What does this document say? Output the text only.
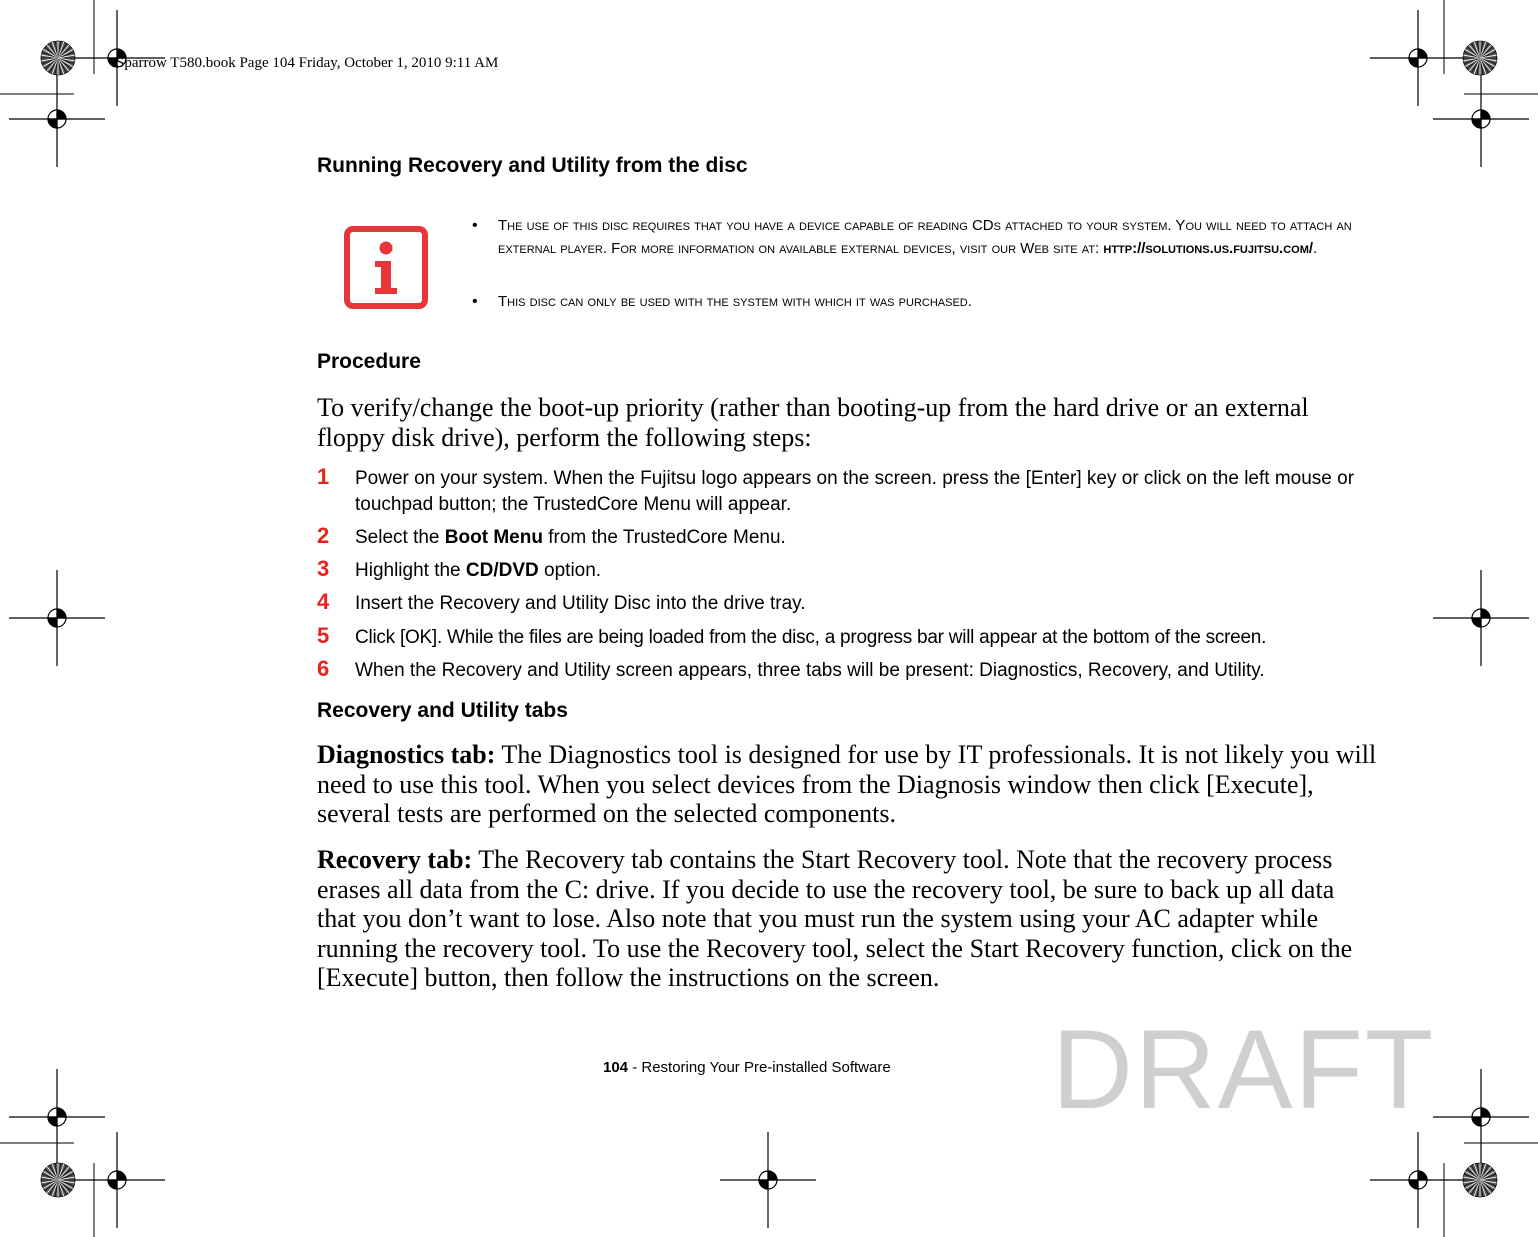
Sparrow T580.book Page 104 Friday, October 1, 2010 9:11 AM
Running Recovery and Utility from the disc
• The use of this disc requires that you have a device capable of reading CDs attached to your system. You will need to attach an external player. For more information on available external devices, visit our Web site at: http://solutions.us.fujitsu.com/.
• This disc can only be used with the system with which it was purchased.
Procedure
To verify/change the boot-up priority (rather than booting-up from the hard drive or an external floppy disk drive), perform the following steps:
1 Power on your system. When the Fujitsu logo appears on the screen. press the [Enter] key or click on the left mouse or touchpad button; the TrustedCore Menu will appear.
2 Select the Boot Menu from the TrustedCore Menu.
3 Highlight the CD/DVD option.
4 Insert the Recovery and Utility Disc into the drive tray.
5 Click [OK]. While the files are being loaded from the disc, a progress bar will appear at the bottom of the screen.
6 When the Recovery and Utility screen appears, three tabs will be present: Diagnostics, Recovery, and Utility.
Recovery and Utility tabs
Diagnostics tab: The Diagnostics tool is designed for use by IT professionals. It is not likely you will need to use this tool. When you select devices from the Diagnosis window then click [Execute], several tests are performed on the selected components.
Recovery tab: The Recovery tab contains the Start Recovery tool. Note that the recovery process erases all data from the C: drive. If you decide to use the recovery tool, be sure to back up all data that you don’t want to lose. Also note that you must run the system using your AC adapter while running the recovery tool. To use the Recovery tool, select the Start Recovery function, click on the [Execute] button, then follow the instructions on the screen.
104 - Restoring Your Pre-installed Software DRAFT
